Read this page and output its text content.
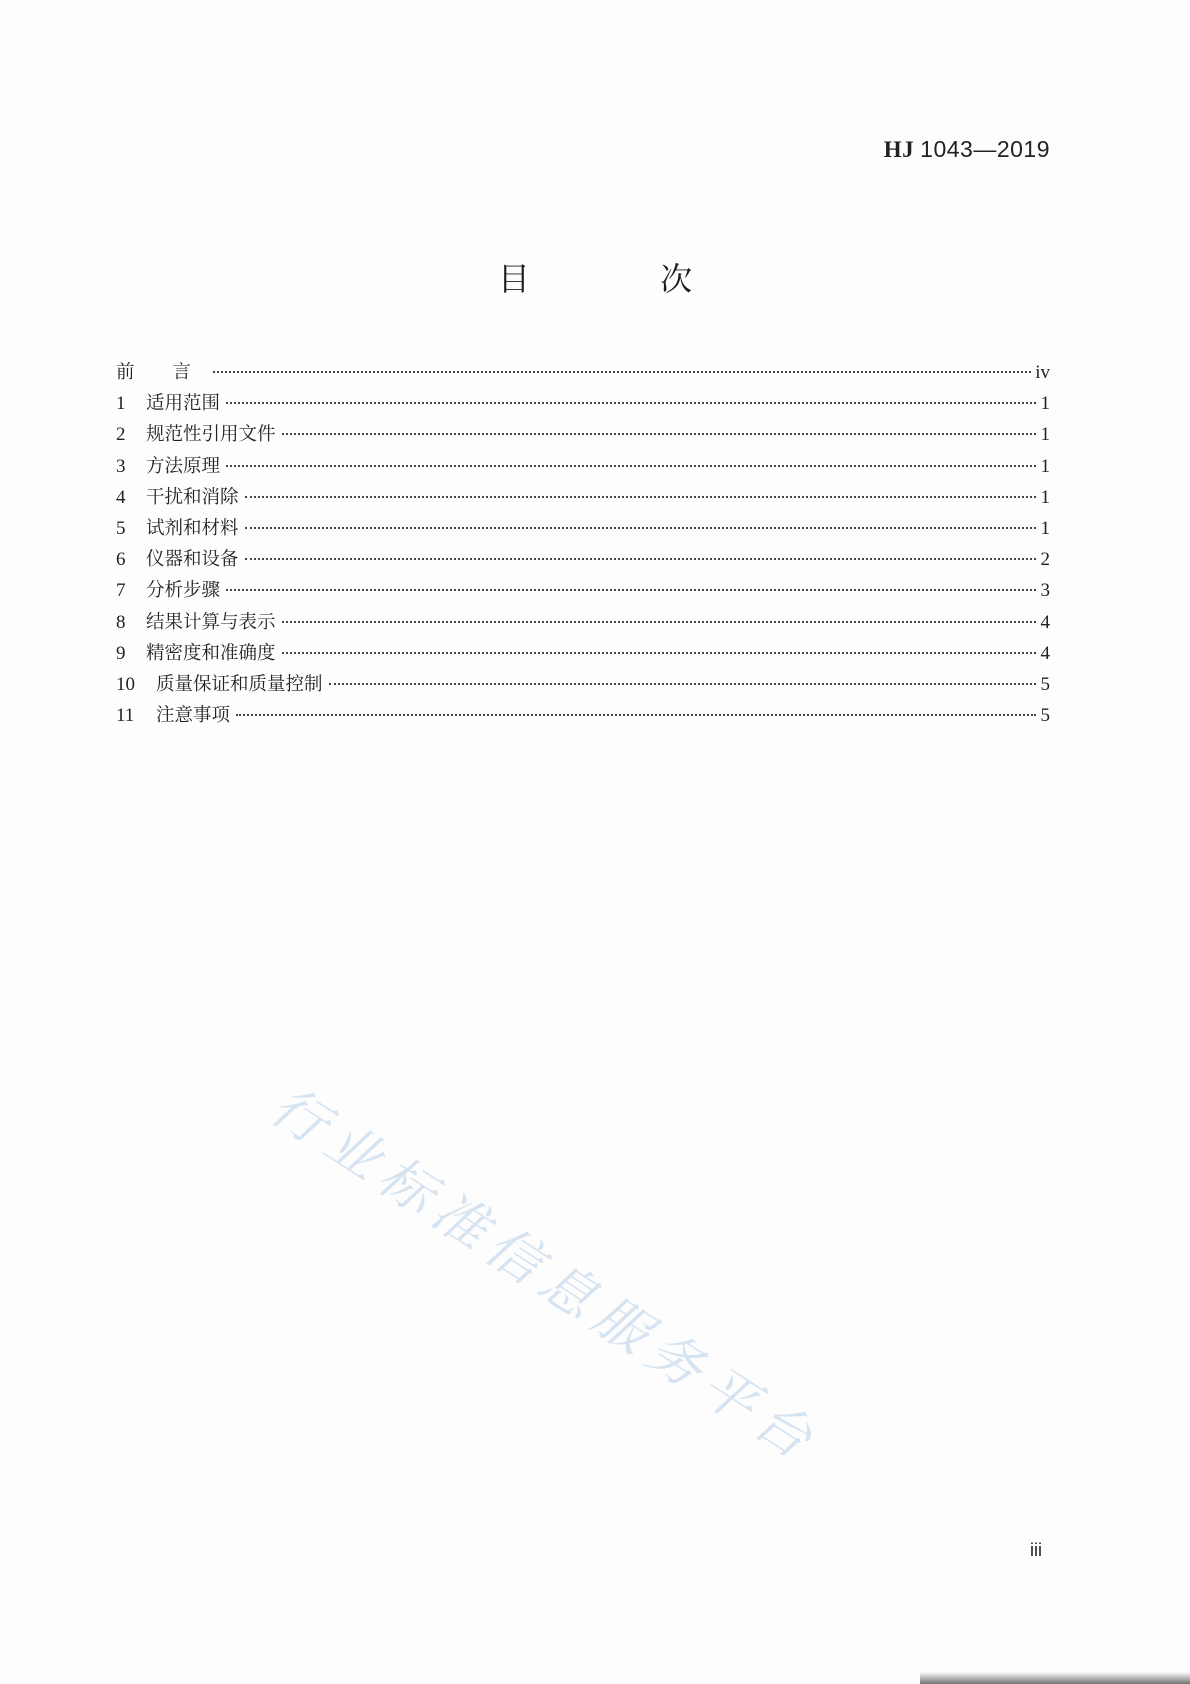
HJ 1043—2019
目 次
前 言	iv
1	适用范围	1
2	规范性引用文件	1
3	方法原理	1
4	干扰和消除	1
5	试剂和材料	1
6	仪器和设备	2
7	分析步骤	3
8	结果计算与表示	4
9	精密度和准确度	4
10	质量保证和质量控制	5
11	注意事项	5
行业标准信息服务平台
iii
